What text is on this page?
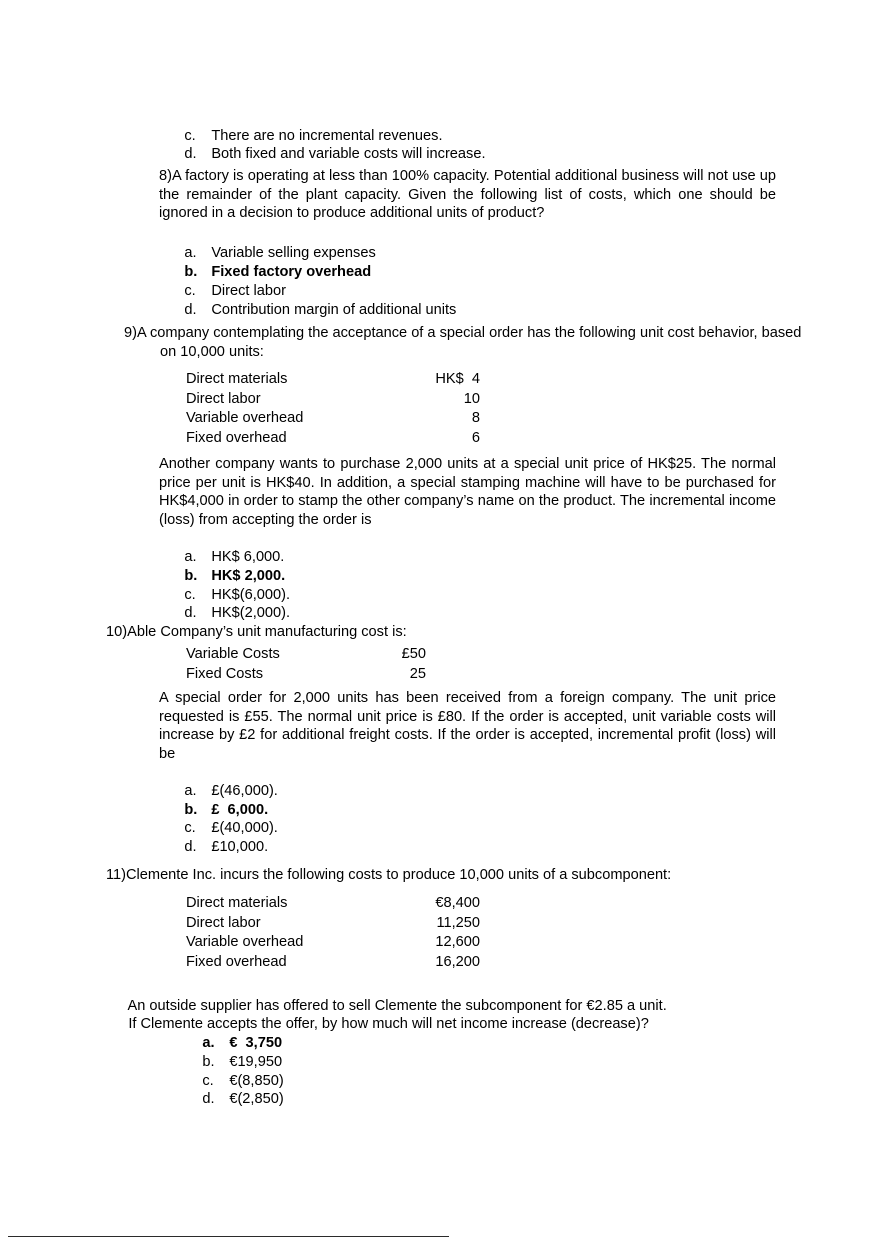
c. There are no incremental revenues.

d. Both fixed and variable costs will increase.

8)A factory is operating at less than 100% capacity. Potential additional business will not use up the remainder of the plant capacity. Given the following list of costs, which one should be ignored in a decision to produce additional units of product?

a. Variable selling expenses

b. Fixed factory overhead

c. Direct labor

d. Contribution margin of additional units

9)A company contemplating the acceptance of a special order has the following unit cost behavior, based on 10,000 units:
Direct materials	HK$  4
Direct labor	10
Variable overhead	8
Fixed overhead	6
Another company wants to purchase 2,000 units at a special unit price of HK$25. The normal price per unit is HK$40. In addition, a special stamping machine will have to be purchased for HK$4,000 in order to stamp the other company’s name on the product. The incremental income (loss) from accepting the order is

a. HK$ 6,000.

b. HK$ 2,000.

c. HK$(6,000).

d. HK$(2,000).

10)Able Company’s unit manufacturing cost is:
Variable Costs	£50
Fixed Costs	25
A special order for 2,000 units has been received from a foreign company. The unit price requested is £55. The normal unit price is £80. If the order is accepted, unit variable costs will increase by £2 for additional freight costs. If the order is accepted, incremental profit (loss) will be

a. £(46,000).

b. £  6,000.

c. £(40,000).

d. £10,000.

11)Clemente Inc. incurs the following costs to produce 10,000 units of a subcomponent:
Direct materials	€8,400
Direct labor	11,250
Variable overhead	12,600
Fixed overhead	16,200

An outside supplier has offered to sell Clemente the subcomponent for €2.85 a unit.

If Clemente accepts the offer, by how much will net income increase (decrease)?

a. €  3,750

b. €19,950

c. €(8,850)

d. €(2,850)
